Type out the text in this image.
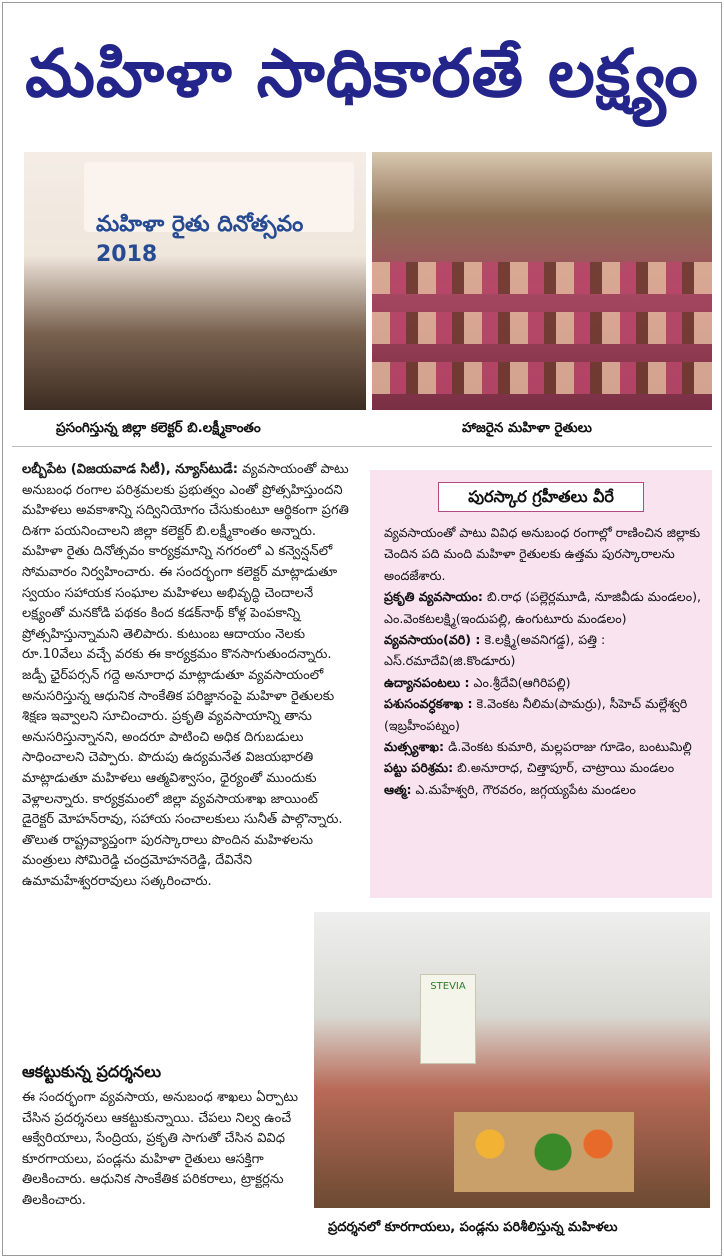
మహిళా సాధికారతే లక్ష్యం
మహిళా రైతు దినోత్సవం 2018
ప్రసంగిస్తున్న జిల్లా కలెక్టర్ బి.లక్ష్మీకాంతం	హాజరైన మహిళా రైతులు

లబ్బీపేట (విజయవాడ సిటీ), న్యూస్‌టుడే: వ్యవసాయంతో పాటు అనుబంధ రంగాల పరిశ్రమలకు ప్రభుత్వం ఎంతో ప్రోత్సహిస్తుందని మహిళలు అవకాశాన్ని సద్వినియోగం చేసుకుంటూ ఆర్థికంగా ప్రగతి దిశగా పయనించాలని జిల్లా కలెక్టర్ బి.లక్ష్మీకాంతం అన్నారు. మహిళా రైతు దినోత్సవం కార్యక్రమాన్ని నగరంలో ఎ కన్వెన్షన్‌లో సోమవారం నిర్వహించారు. ఈ సందర్భంగా కలెక్టర్ మాట్లాడుతూ స్వయం సహాయక సంఘాల మహిళలు అభివృద్ధి చెందాలనే లక్ష్యంతో మనకోడి పథకం కింద కడక్‌నాథ్ కోళ్ల పెంపకాన్ని ప్రోత్సహిస్తున్నామని తెలిపారు. కుటుంబ ఆదాయం నెలకు రూ.10వేలు వచ్చే వరకు ఈ కార్యక్రమం కొనసాగుతుందన్నారు. జడ్పీ ఛైర్‌పర్సన్ గద్దె అనూరాధ మాట్లాడుతూ వ్యవసాయంలో అనుసరిస్తున్న ఆధునిక సాంకేతిక పరిజ్ఞానంపై మహిళా రైతులకు శిక్షణ ఇవ్వాలని సూచించారు. ప్రకృతి వ్యవసాయాన్ని తాను అనుసరిస్తున్నానని, అందరూ పాటించి అధిక దిగుబడులు సాధించాలని చెప్పారు. పొదుపు ఉద్యమనేత విజయభారతి మాట్లాడుతూ మహిళలు ఆత్మవిశ్వాసం, ధైర్యంతో ముందుకు వెళ్లాలన్నారు. కార్యక్రమంలో జిల్లా వ్యవసాయశాఖ జాయింట్ డైరెక్టర్ మోహన్‌రావు, సహాయ సంచాలకులు సునీత్ పాల్గొన్నారు. తొలుత రాష్ట్రవ్యాప్తంగా పురస్కారాలు పొందిన మహిళలను మంత్రులు సోమిరెడ్డి చంద్రమోహనరెడ్డి, దేవినేని ఉమామహేశ్వరరావులు సత్కరించారు.

పురస్కార గ్రహీతలు వీరే

వ్యవసాయంతో పాటు వివిధ అనుబంధ రంగాల్లో రాణించిన జిల్లాకు చెందిన పది మంది మహిళా రైతులకు ఉత్తమ పురస్కారాలను అందజేశారు.

ప్రకృతి వ్యవసాయం: బి.రాధ (పల్లెర్లమూడి, నూజివీడు మండలం), ఎం.వెంకటలక్ష్మి(ఇందుపల్లి, ఉంగుటూరు మండలం)

వ్యవసాయం(వరి) : కె.లక్ష్మి(అవనిగడ్డ), పత్తి : ఎస్.రమాదేవి(జి.కొండూరు)

ఉద్యానపంటలు : ఎం.శ్రీదేవి(ఆగిరిపల్లి)

పశుసంవర్ధకశాఖ : కె.వెంకట నీలిమ(పామర్రు), సీహెచ్ మల్లేశ్వరి (ఇబ్రహీంపట్నం)

మత్స్యశాఖ: డి.వెంకట కుమారి, మల్లపరాజు గూడెం, బంటుమిల్లి

పట్టు పరిశ్రమ: బి.అనూరాధ, చిత్తాపూర్, చాట్రాయి మండలం

ఆత్మ: ఎ.మహేశ్వరి, గౌరవరం, జగ్గయ్యపేట మండలం

STEVIA
ప్రదర్శనలో కూరగాయలు, పండ్లను పరిశీలిస్తున్న మహిళలు
ఆకట్టుకున్న ప్రదర్శనలు
ఈ సందర్భంగా వ్యవసాయ, అనుబంధ శాఖలు ఏర్పాటు చేసిన ప్రదర్శనలు ఆకట్టుకున్నాయి. చేపలు నిల్వ ఉంచే ఆక్వేరియాలు, సేంద్రియ, ప్రకృతి సాగుతో చేసిన వివిధ కూరగాయలు, పండ్లను మహిళా రైతులు ఆసక్తిగా తిలకించారు. ఆధునిక సాంకేతిక పరికరాలు, ట్రాక్టర్లను తిలకించారు.
